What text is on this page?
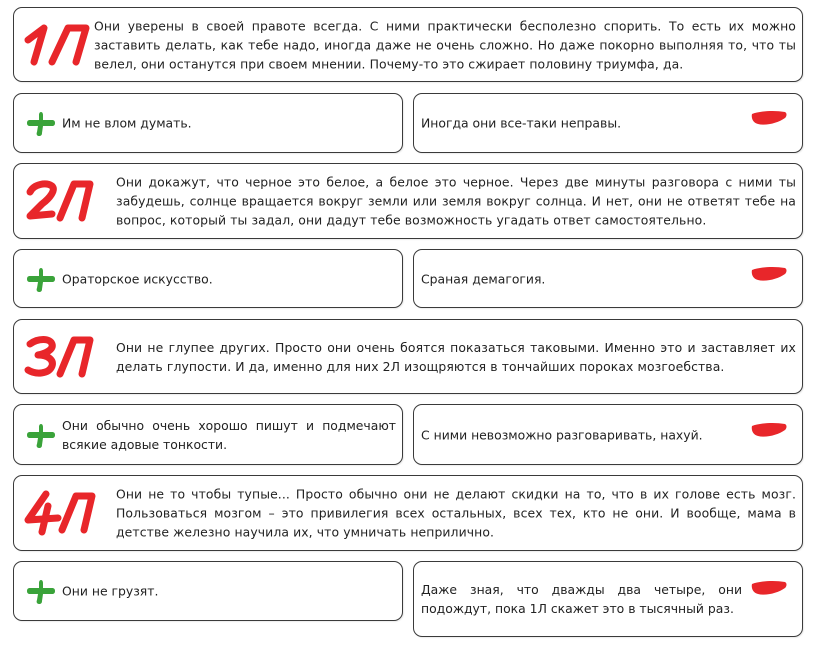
Они уверены в своей правоте всегда. С ними практически бесполезно спорить. То есть их можно заставить делать, как тебе надо, иногда даже не очень сложно. Но даже покорно выполняя то, что ты велел, они останутся при своем мнении. Почему-то это сжирает половину триумфа, да.
Им не влом думать.	Иногда они все-таки неправы.
Они докажут, что черное это белое, а белое это черное. Через две минуты разговора с ними ты забудешь, солнце вращается вокруг земли или земля вокруг солнца. И нет, они не ответят тебе на вопрос, который ты задал, они дадут тебе возможность угадать ответ самостоятельно.
Ораторское искусство.	Сраная демагогия.
Они не глупее других. Просто они очень боятся показаться таковыми. Именно это и заставляет их делать глупости. И да, именно для них 2Л изощряются в тончайших пороках мозгоебства.
Они обычно очень хорошо пишут и подмечают всякие адовые тонкости.
С ними невозможно разговаривать, нахуй.
Они не то чтобы тупые... Просто обычно они не делают скидки на то, что в их голове есть мозг. Пользоваться мозгом – это привилегия всех остальных, всех тех, кто не они. И вообще, мама в детстве железно научила их, что умничать неприлично.
Они не грузят.	Даже зная, что дважды два четыре, они подождут, пока 1Л скажет это в тысячный раз.
